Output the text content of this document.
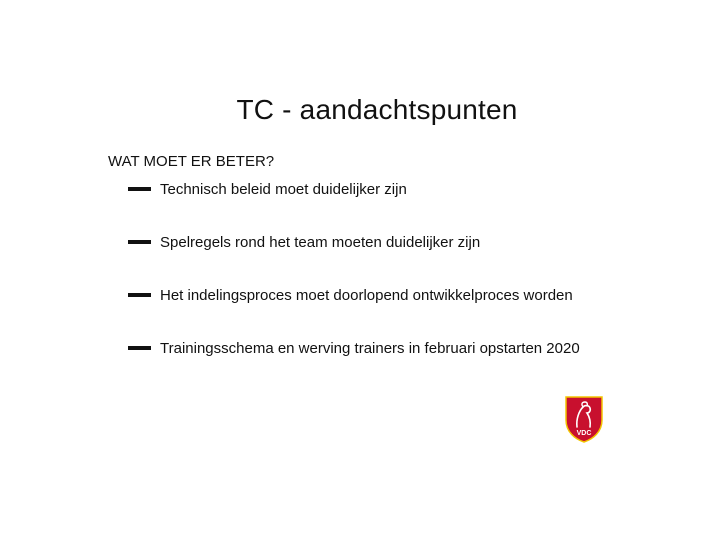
TC - aandachtspunten
WAT MOET ER BETER?
Technisch beleid moet duidelijker zijn
Spelregels rond het team moeten duidelijker zijn
Het indelingsproces moet doorlopend ontwikkelproces worden
Trainingsschema en werving trainers in februari opstarten 2020
VDC
